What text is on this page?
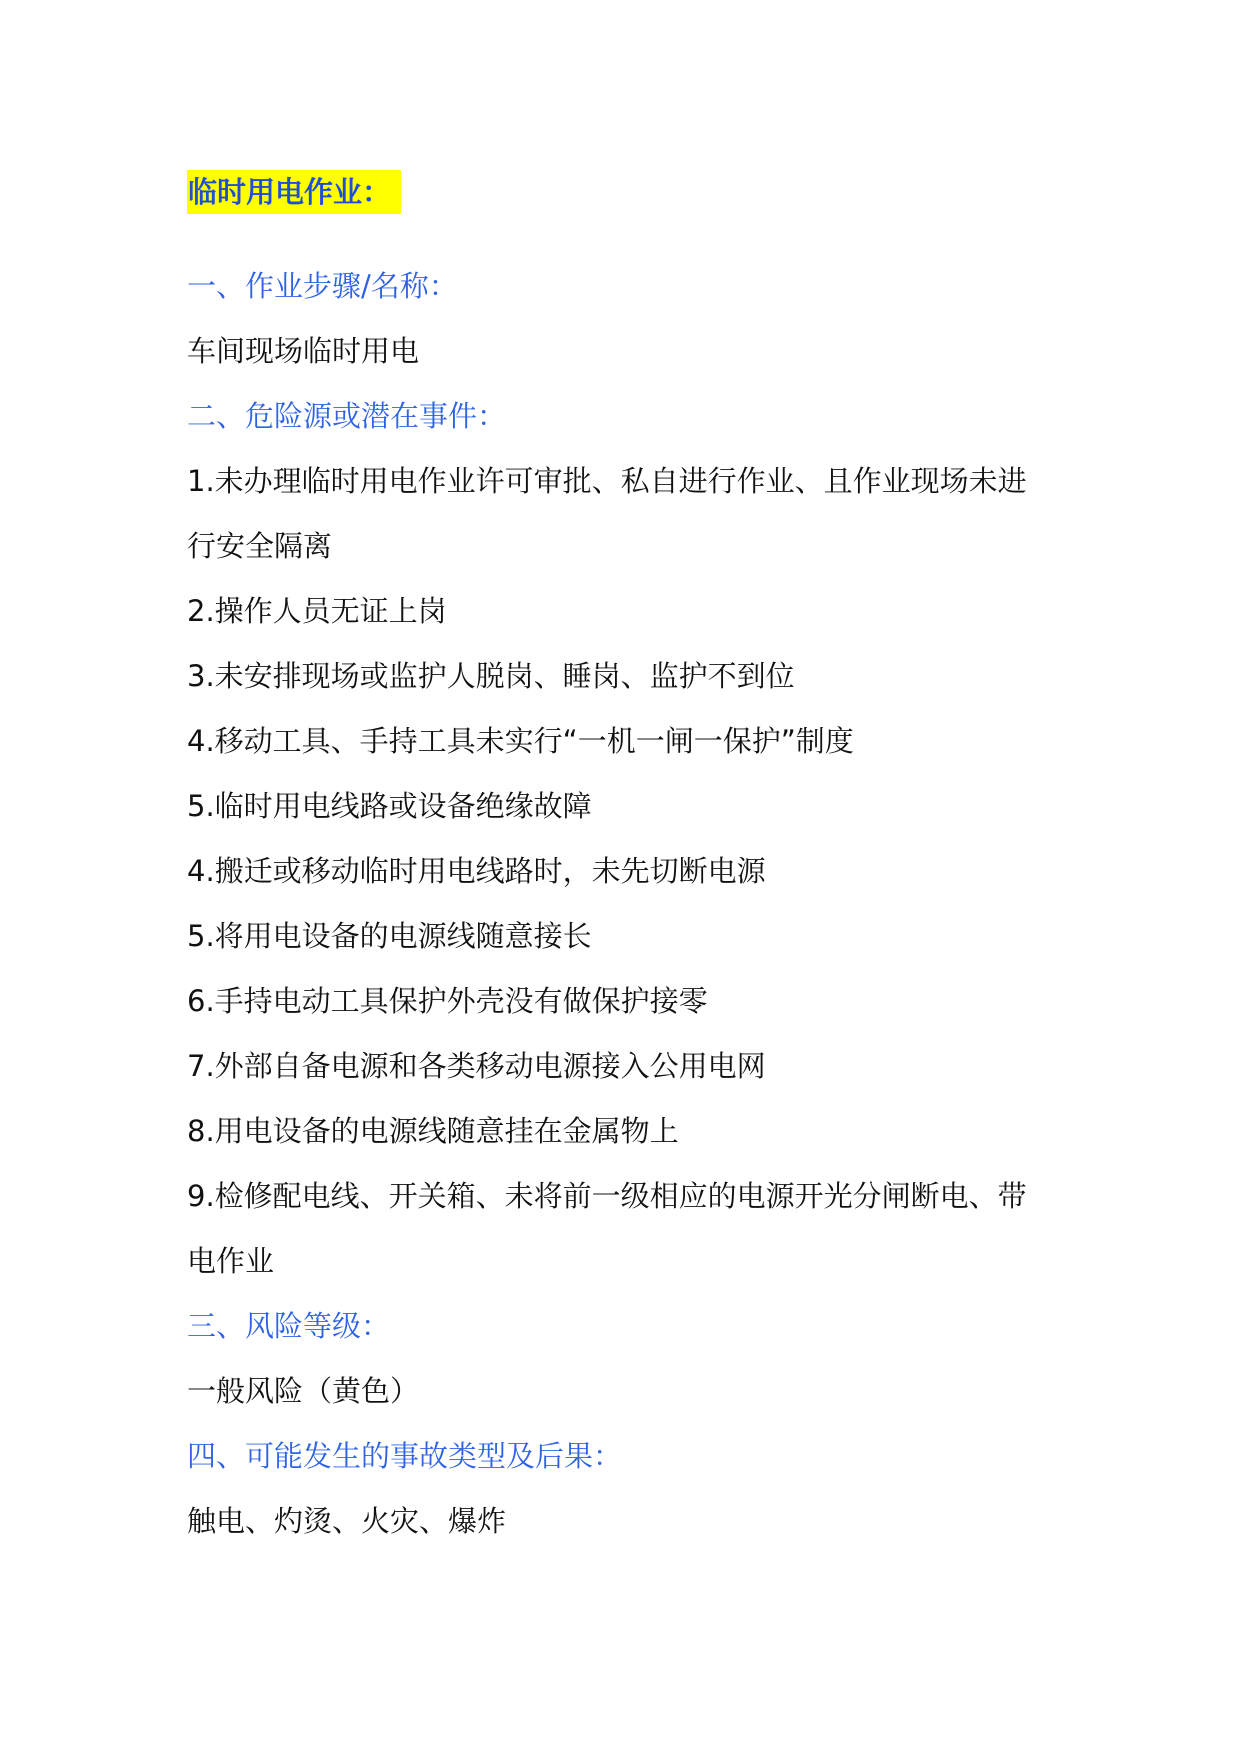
临时用电作业：
一、作业步骤/名称：
车间现场临时用电
二、危险源或潜在事件：
1.未办理临时用电作业许可审批、私自进行作业、且作业现场未进
行安全隔离
2.操作人员无证上岗
3.未安排现场或监护人脱岗、睡岗、监护不到位
4.移动工具、手持工具未实行“一机一闸一保护”制度
5.临时用电线路或设备绝缘故障
4.搬迁或移动临时用电线路时，未先切断电源
5.将用电设备的电源线随意接长
6.手持电动工具保护外壳没有做保护接零
7.外部自备电源和各类移动电源接入公用电网
8.用电设备的电源线随意挂在金属物上
9.检修配电线、开关箱、未将前一级相应的电源开光分闸断电、带
电作业
三、风险等级：
一般风险（黄色）
四、可能发生的事故类型及后果：
触电、灼烫、火灾、爆炸
